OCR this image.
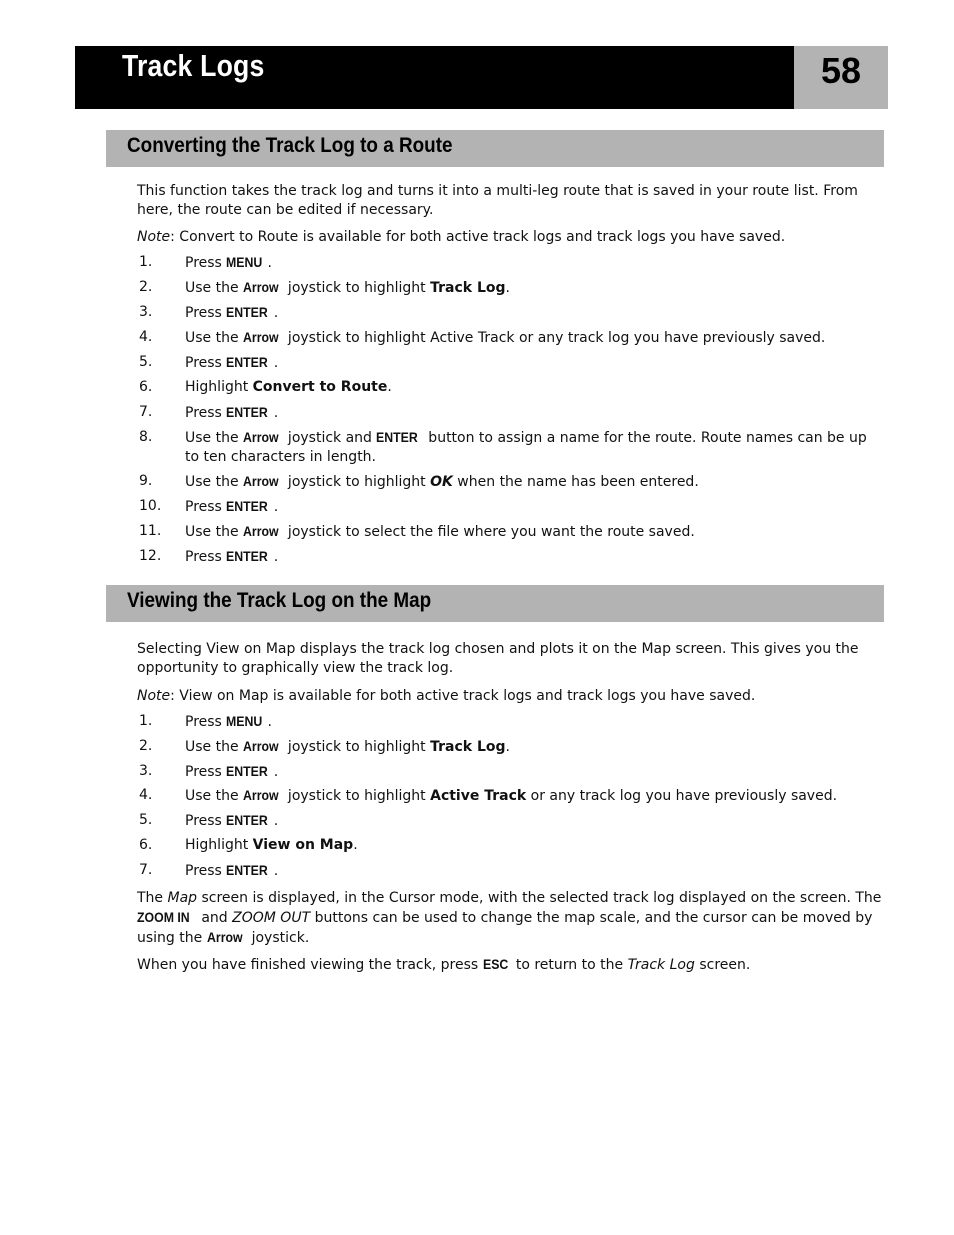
Track Logs	58
Converting the Track Log to a Route

This function takes the track log and turns it into a multi-leg route that is saved in your route list. From here, the route can be edited if necessary.

Note: Convert to Route is available for both active track logs and track logs you have saved.

1. Press MENU .
2. Use the Arrow joystick to highlight Track Log.
3. Press ENTER .
4. Use the Arrow joystick to highlight Active Track or any track log you have previously saved.
5. Press ENTER .
6. Highlight Convert to Route.
7. Press ENTER .
8. Use the Arrow joystick and ENTER button to assign a name for the route. Route names can be up to ten characters in length.
9. Use the Arrow joystick to highlight OK when the name has been entered.
10. Press ENTER .
11. Use the Arrow joystick to select the file where you want the route saved.
12. Press ENTER .
Viewing the Track Log on the Map

Selecting View on Map displays the track log chosen and plots it on the Map screen. This gives you the opportunity to graphically view the track log.

Note: View on Map is available for both active track logs and track logs you have saved.

1. Press MENU .
2. Use the Arrow joystick to highlight Track Log.
3. Press ENTER .
4. Use the Arrow joystick to highlight Active Track or any track log you have previously saved.
5. Press ENTER .
6. Highlight View on Map.
7. Press ENTER .
The Map screen is displayed, in the Cursor mode, with the selected track log displayed on the screen. The ZOOM IN and ZOOM OUT buttons can be used to change the map scale, and the cursor can be moved by using the Arrow joystick.
When you have finished viewing the track, press ESC to return to the Track Log screen.
